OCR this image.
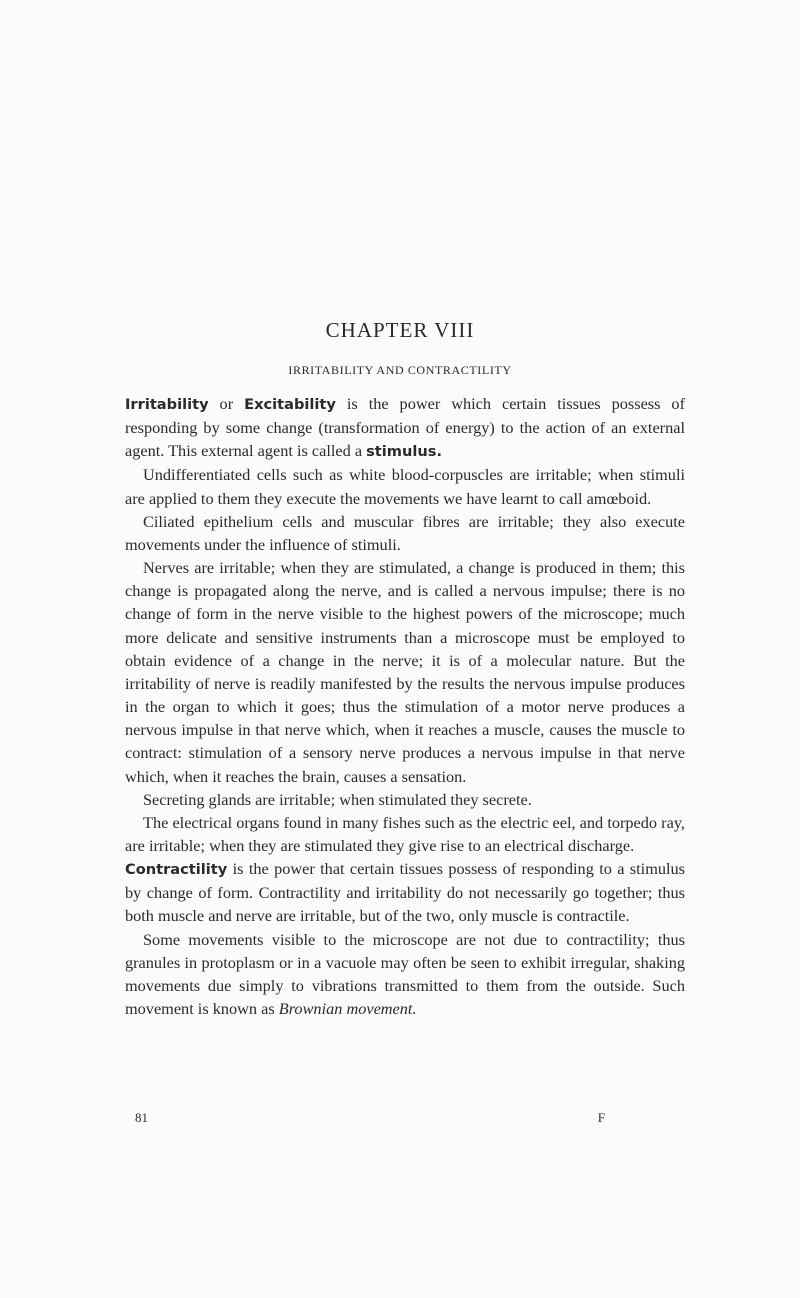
CHAPTER VIII
IRRITABILITY AND CONTRACTILITY

Irritability or Excitability is the power which certain tissues possess of responding by some change (transformation of energy) to the action of an external agent. This external agent is called a stimulus.

Undifferentiated cells such as white blood-corpuscles are irritable; when stimuli are applied to them they execute the movements we have learnt to call amœboid.

Ciliated epithelium cells and muscular fibres are irritable; they also execute movements under the influence of stimuli.

Nerves are irritable; when they are stimulated, a change is produced in them; this change is propagated along the nerve, and is called a nervous impulse; there is no change of form in the nerve visible to the highest powers of the microscope; much more delicate and sensitive instruments than a microscope must be employed to obtain evidence of a change in the nerve; it is of a molecular nature. But the irritability of nerve is readily manifested by the results the nervous impulse produces in the organ to which it goes; thus the stimulation of a motor nerve produces a nervous impulse in that nerve which, when it reaches a muscle, causes the muscle to contract: stimulation of a sensory nerve produces a nervous impulse in that nerve which, when it reaches the brain, causes a sensation.

Secreting glands are irritable; when stimulated they secrete.

The electrical organs found in many fishes such as the electric eel, and torpedo ray, are irritable; when they are stimulated they give rise to an electrical discharge.

Contractility is the power that certain tissues possess of responding to a stimulus by change of form. Contractility and irritability do not necessarily go together; thus both muscle and nerve are irritable, but of the two, only muscle is contractile.

Some movements visible to the microscope are not due to contractility; thus granules in protoplasm or in a vacuole may often be seen to exhibit irregular, shaking movements due simply to vibrations transmitted to them from the outside. Such movement is known as Brownian movement.

81	F
